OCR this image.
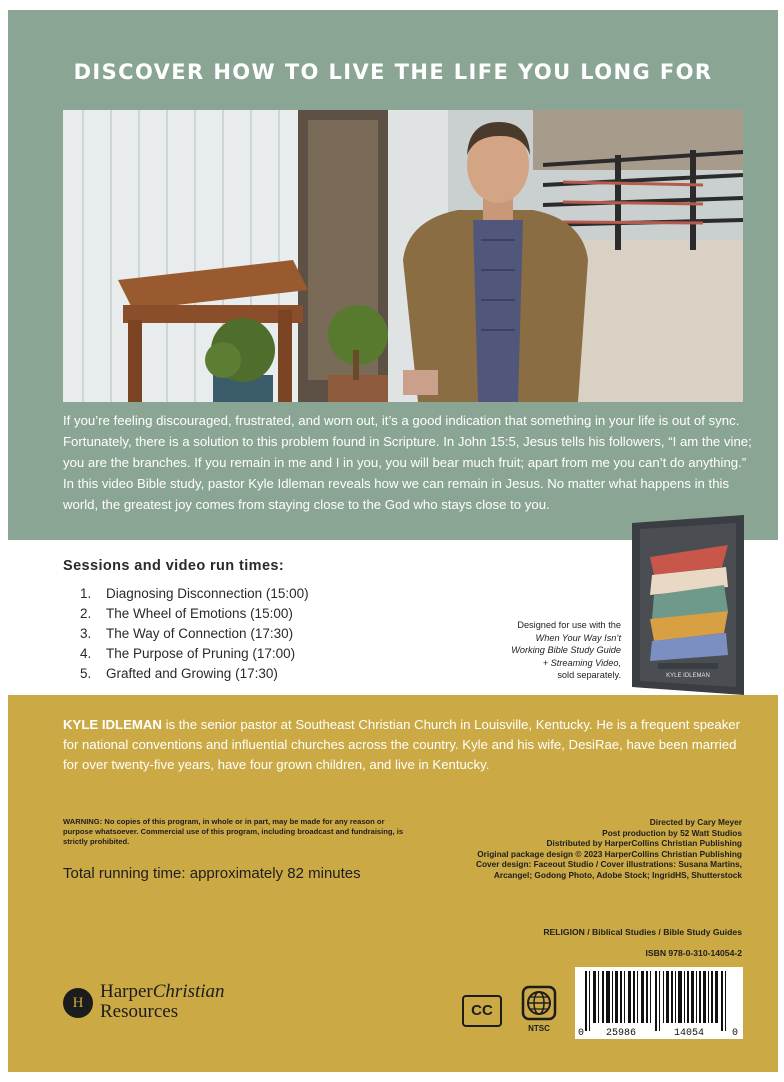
DISCOVER HOW TO LIVE THE LIFE YOU LONG FOR
If you’re feeling discouraged, frustrated, and worn out, it’s a good indication that something in your life is out of sync. Fortunately, there is a solution to this problem found in Scripture. In John 15:5, Jesus tells his followers, “I am the vine; you are the branches. If you remain in me and I in you, you will bear much fruit; apart from me you can’t do anything.” In this video Bible study, pastor Kyle Idleman reveals how we can remain in Jesus. No matter what happens in this world, the greatest joy comes from staying close to the God who stays close to you.
Sessions and video run times:
1. Diagnosing Disconnection (15:00)
2. The Wheel of Emotions (15:00)
3. The Way of Connection (17:30)
4. The Purpose of Pruning (17:00)
5. Grafted and Growing (17:30)
Designed for use with the
When Your Way Isn’t
Working Bible Study Guide
+ Streaming Video,
sold separately.	KYLE IDLEMAN
KYLE IDLEMAN is the senior pastor at Southeast Christian Church in Louisville, Kentucky. He is a frequent speaker for national conventions and influential churches across the country. Kyle and his wife, DesiRae, have been married for over twenty-five years, have four grown children, and live in Kentucky.
WARNING: No copies of this program, in whole or in part, may be made for any reason or purpose whatsoever. Commercial use of this program, including broadcast and fundraising, is strictly prohibited.
Total running time: approximately 82 minutes
Directed by Cary Meyer
Post production by 52 Watt Studios
Distributed by HarperCollins Christian Publishing
Original package design © 2023 HarperCollins Christian Publishing
Cover design: Faceout Studio / Cover illustrations: Susana Martins,
Arcangel; Godong Photo, Adobe Stock; IngridHS, Shutterstock
RELIGION / Biblical Studies / Bible Study Guides
ISBN 978-0-310-14054-2
0 25986	14054	0
H
HarperChristian
Resources	CC
NTSC
